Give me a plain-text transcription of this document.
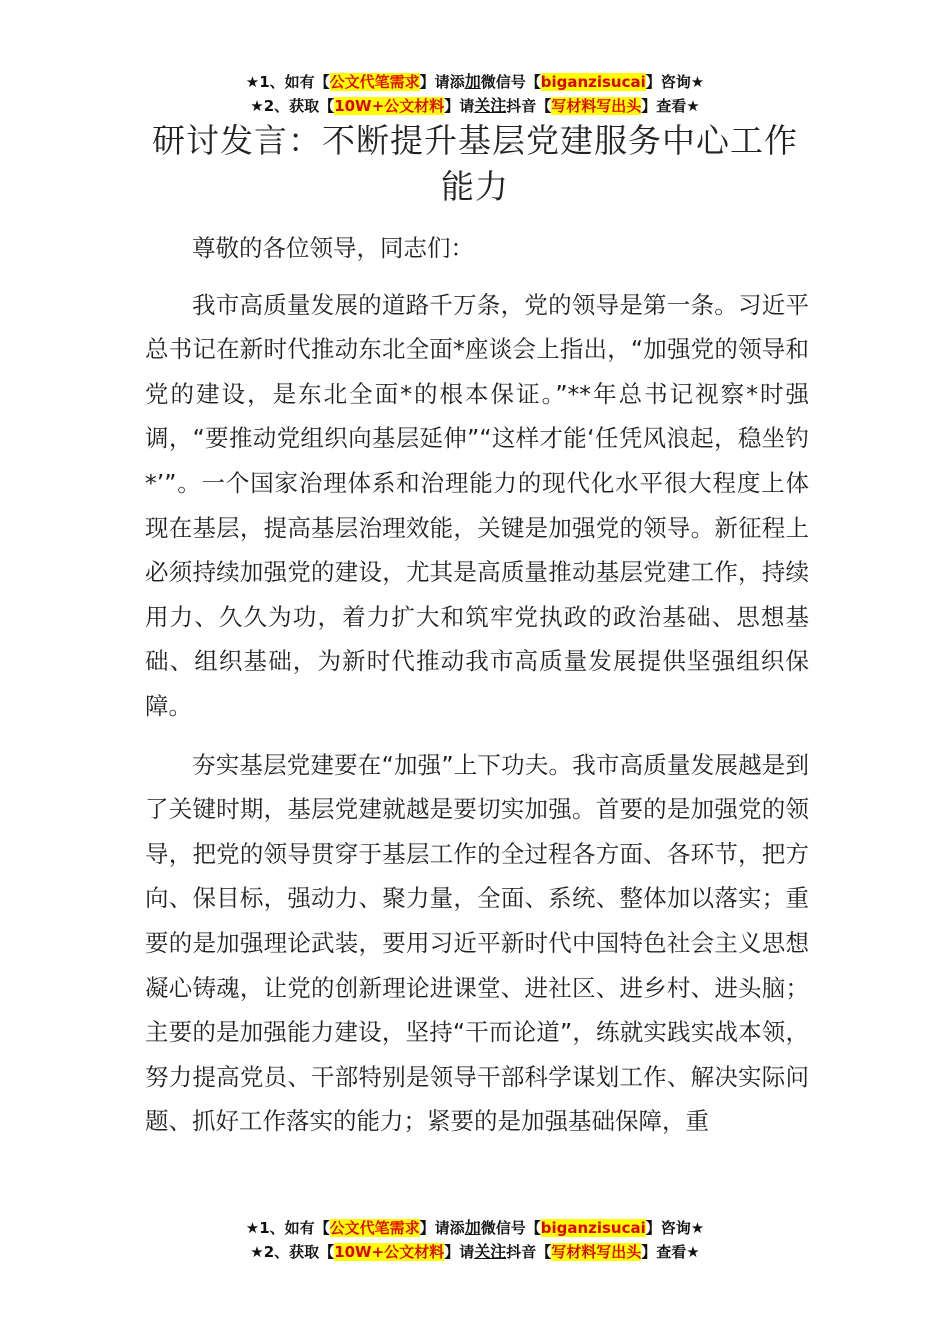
★1、如有【公文代笔需求】请添加微信号【biganzisucai】咨询★
★2、获取【10W+公文材料】请关注抖音【写材料写出头】查看★
研讨发言：不断提升基层党建服务中心工作能力

尊敬的各位领导，同志们：

我市高质量发展的道路千万条，党的领导是第一条。习近平总书记在新时代推动东北全面*座谈会上指出，“加强党的领导和党的建设，是东北全面*的根本保证。”**年总书记视察*时强调，“要推动党组织向基层延伸”“这样才能‘任凭风浪起，稳坐钓*’”。一个国家治理体系和治理能力的现代化水平很大程度上体现在基层，提高基层治理效能，关键是加强党的领导。新征程上必须持续加强党的建设，尤其是高质量推动基层党建工作，持续用力、久久为功，着力扩大和筑牢党执政的政治基础、思想基础、组织基础，为新时代推动我市高质量发展提供坚强组织保障。

夯实基层党建要在“加强”上下功夫。我市高质量发展越是到了关键时期，基层党建就越是要切实加强。首要的是加强党的领导，把党的领导贯穿于基层工作的全过程各方面、各环节，把方向、保目标，强动力、聚力量，全面、系统、整体加以落实；重要的是加强理论武装，要用习近平新时代中国特色社会主义思想凝心铸魂，让党的创新理论进课堂、进社区、进乡村、进头脑；主要的是加强能力建设，坚持“干而论道”，练就实践实战本领，努力提高党员、干部特别是领导干部科学谋划工作、解决实际问题、抓好工作落实的能力；紧要的是加强基础保障，重

★1、如有【公文代笔需求】请添加微信号【biganzisucai】咨询★
★2、获取【10W+公文材料】请关注抖音【写材料写出头】查看★
